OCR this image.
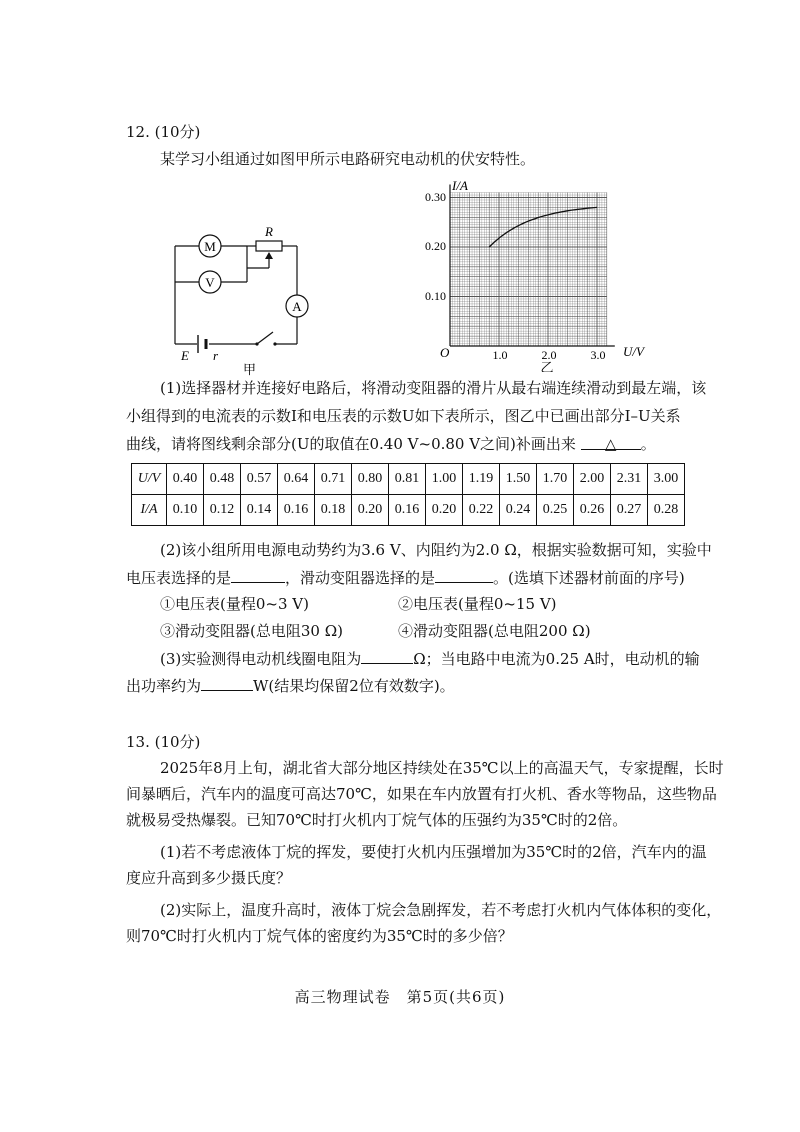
12. (10分)
某学习小组通过如图甲所示电路研究电动机的伏安特性。
M
V
A
R
E r
甲
I/A
U/V
O	1.0	2.0	3.0
0.10
0.20
0.30
乙
(1)选择器材并连接好电路后，将滑动变阻器的滑片从最右端连续滑动到最左端，该
小组得到的电流表的示数I和电压表的示数U如下表所示，图乙中已画出部分I–U关系
曲线，请将图线剩余部分(U的取值在0.40 V~0.80 V之间)补画出来 △ 。
U/V	0.40	0.48	0.57	0.64	0.71	0.80	0.81	1.00	1.19	1.50	1.70	2.00	2.31	3.00
I/A	0.10	0.12	0.14	0.16	0.18	0.20	0.16	0.20	0.22	0.24	0.25	0.26	0.27	0.28
(2)该小组所用电源电动势约为3.6 V、内阻约为2.0 Ω，根据实验数据可知，实验中
电压表选择的是	，滑动变阻器选择的是	。(选填下述器材前面的序号)
①电压表(量程0~3 V)	②电压表(量程0~15 V)
③滑动变阻器(总电阻30 Ω)	④滑动变阻器(总电阻200 Ω)
(3)实验测得电动机线圈电阻为	Ω；当电路中电流为0.25 A时，电动机的输
出功率约为	W(结果均保留2位有效数字)。
13. (10分)
2025年8月上旬，湖北省大部分地区持续处在35℃以上的高温天气，专家提醒，长时
间暴晒后，汽车内的温度可高达70℃，如果在车内放置有打火机、香水等物品，这些物品
就极易受热爆裂。已知70℃时打火机内丁烷气体的压强约为35℃时的2倍。
(1)若不考虑液体丁烷的挥发，要使打火机内压强增加为35℃时的2倍，汽车内的温
度应升高到多少摄氏度？
(2)实际上，温度升高时，液体丁烷会急剧挥发，若不考虑打火机内气体体积的变化，
则70℃时打火机内丁烷气体的密度约为35℃时的多少倍？
高三物理试卷　第5页(共6页)
